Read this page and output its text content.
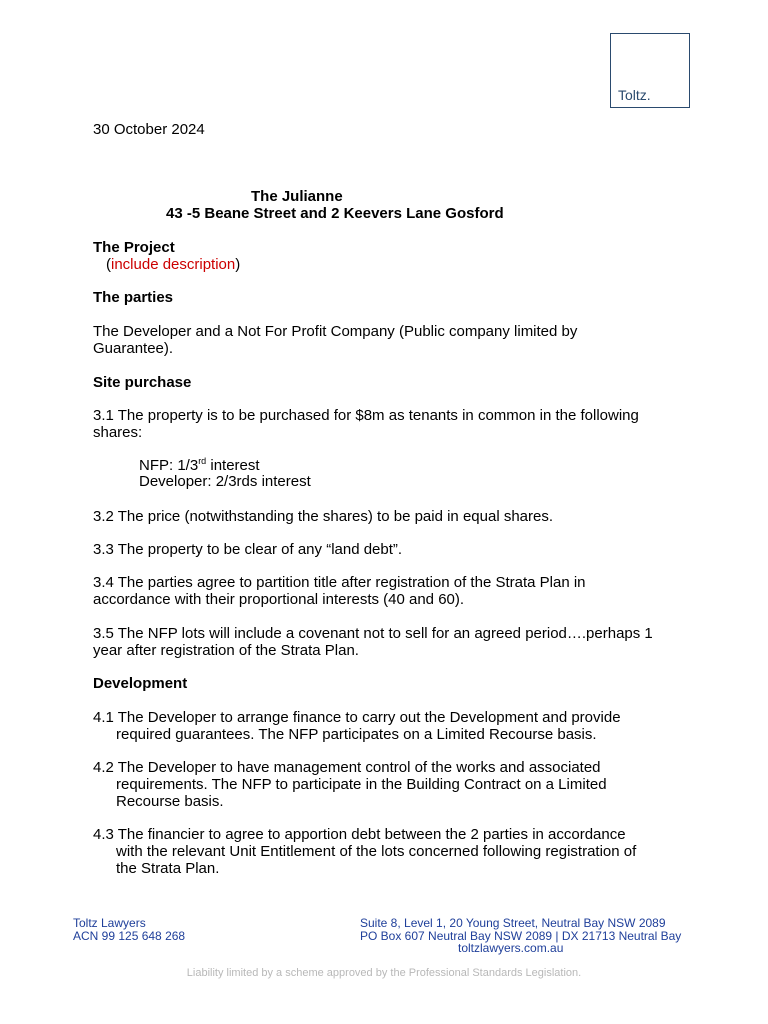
Toltz.
30 October 2024
The Julianne
43 -5 Beane Street and 2 Keevers Lane Gosford
The Project
(include description)
The parties
The Developer and a Not For Profit Company (Public company limited by
Guarantee).
Site purchase
3.1 The property is to be purchased for $8m as tenants in common in the following
shares:
NFP: 1/3rd interest
Developer: 2/3rds interest
3.2 The price (notwithstanding the shares) to be paid in equal shares.
3.3 The property to be clear of any “land debt”.
3.4 The parties agree to partition title after registration of the Strata Plan in
accordance with their proportional interests (40 and 60).
3.5 The NFP lots will include a covenant not to sell for an agreed period….perhaps 1
year after registration of the Strata Plan.
Development
4.1 The Developer to arrange finance to carry out the Development and provide
required guarantees. The NFP participates on a Limited Recourse basis.
4.2 The Developer to have management control of the works and associated
requirements. The NFP to participate in the Building Contract on a Limited
Recourse basis.
4.3 The financier to agree to apportion debt between the 2 parties in accordance
with the relevant Unit Entitlement of the lots concerned following registration of
the Strata Plan.
Toltz Lawyers
ACN 99 125 648 268
Suite 8, Level 1, 20 Young Street, Neutral Bay NSW 2089
PO Box 607 Neutral Bay NSW 2089 | DX 21713 Neutral Bay
toltzlawyers.com.au
Liability limited by a scheme approved by the Professional Standards Legislation.
